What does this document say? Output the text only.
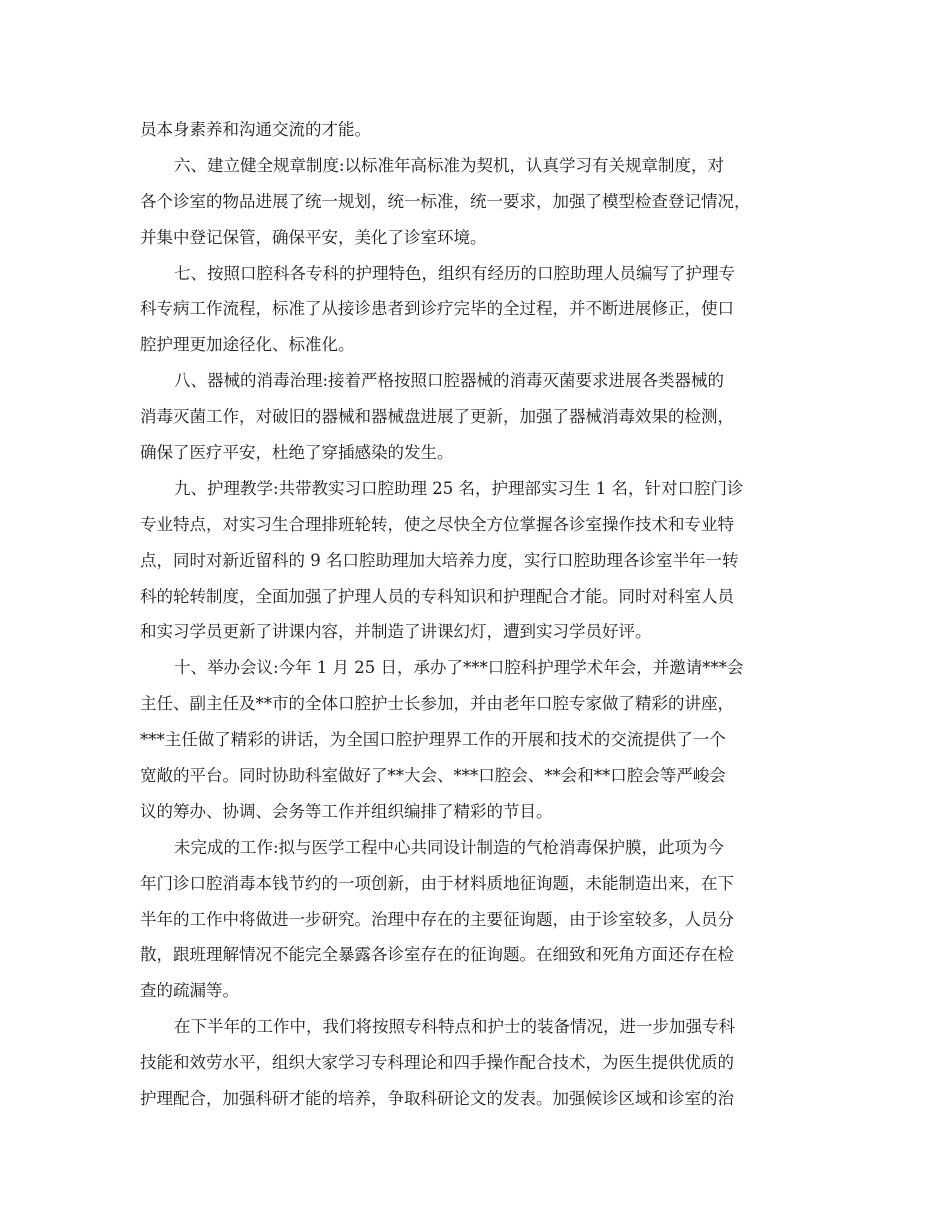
员本身素养和沟通交流的才能。
六、建立健全规章制度:以标准年高标准为契机，认真学习有关规章制度，对
各个诊室的物品进展了统一规划，统一标准，统一要求，加强了模型检查登记情况，
并集中登记保管，确保平安，美化了诊室环境。
七、按照口腔科各专科的护理特色，组织有经历的口腔助理人员编写了护理专
科专病工作流程，标准了从接诊患者到诊疗完毕的全过程，并不断进展修正，使口
腔护理更加途径化、标准化。
八、器械的消毒治理:接着严格按照口腔器械的消毒灭菌要求进展各类器械的
消毒灭菌工作，对破旧的器械和器械盘进展了更新，加强了器械消毒效果的检测，
确保了医疗平安，杜绝了穿插感染的发生。
九、护理教学:共带教实习口腔助理 25 名，护理部实习生 1 名，针对口腔门诊
专业特点，对实习生合理排班轮转，使之尽快全方位掌握各诊室操作技术和专业特
点，同时对新近留科的 9 名口腔助理加大培养力度，实行口腔助理各诊室半年一转
科的轮转制度，全面加强了护理人员的专科知识和护理配合才能。同时对科室人员
和实习学员更新了讲课内容，并制造了讲课幻灯，遭到实习学员好评。
十、举办会议:今年 1 月 25 日，承办了***口腔科护理学术年会，并邀请***会
主任、副主任及**市的全体口腔护士长参加，并由老年口腔专家做了精彩的讲座，
***主任做了精彩的讲话，为全国口腔护理界工作的开展和技术的交流提供了一个
宽敞的平台。同时协助科室做好了**大会、***口腔会、**会和**口腔会等严峻会
议的筹办、协调、会务等工作并组织编排了精彩的节目。
未完成的工作:拟与医学工程中心共同设计制造的气枪消毒保护膜，此项为今
年门诊口腔消毒本钱节约的一项创新，由于材料质地征询题，未能制造出来，在下
半年的工作中将做进一步研究。治理中存在的主要征询题，由于诊室较多，人员分
散，跟班理解情况不能完全暴露各诊室存在的征询题。在细致和死角方面还存在检
查的疏漏等。
在下半年的工作中，我们将按照专科特点和护士的装备情况，进一步加强专科
技能和效劳水平，组织大家学习专科理论和四手操作配合技术，为医生提供优质的
护理配合，加强科研才能的培养，争取科研论文的发表。加强候诊区域和诊室的治
